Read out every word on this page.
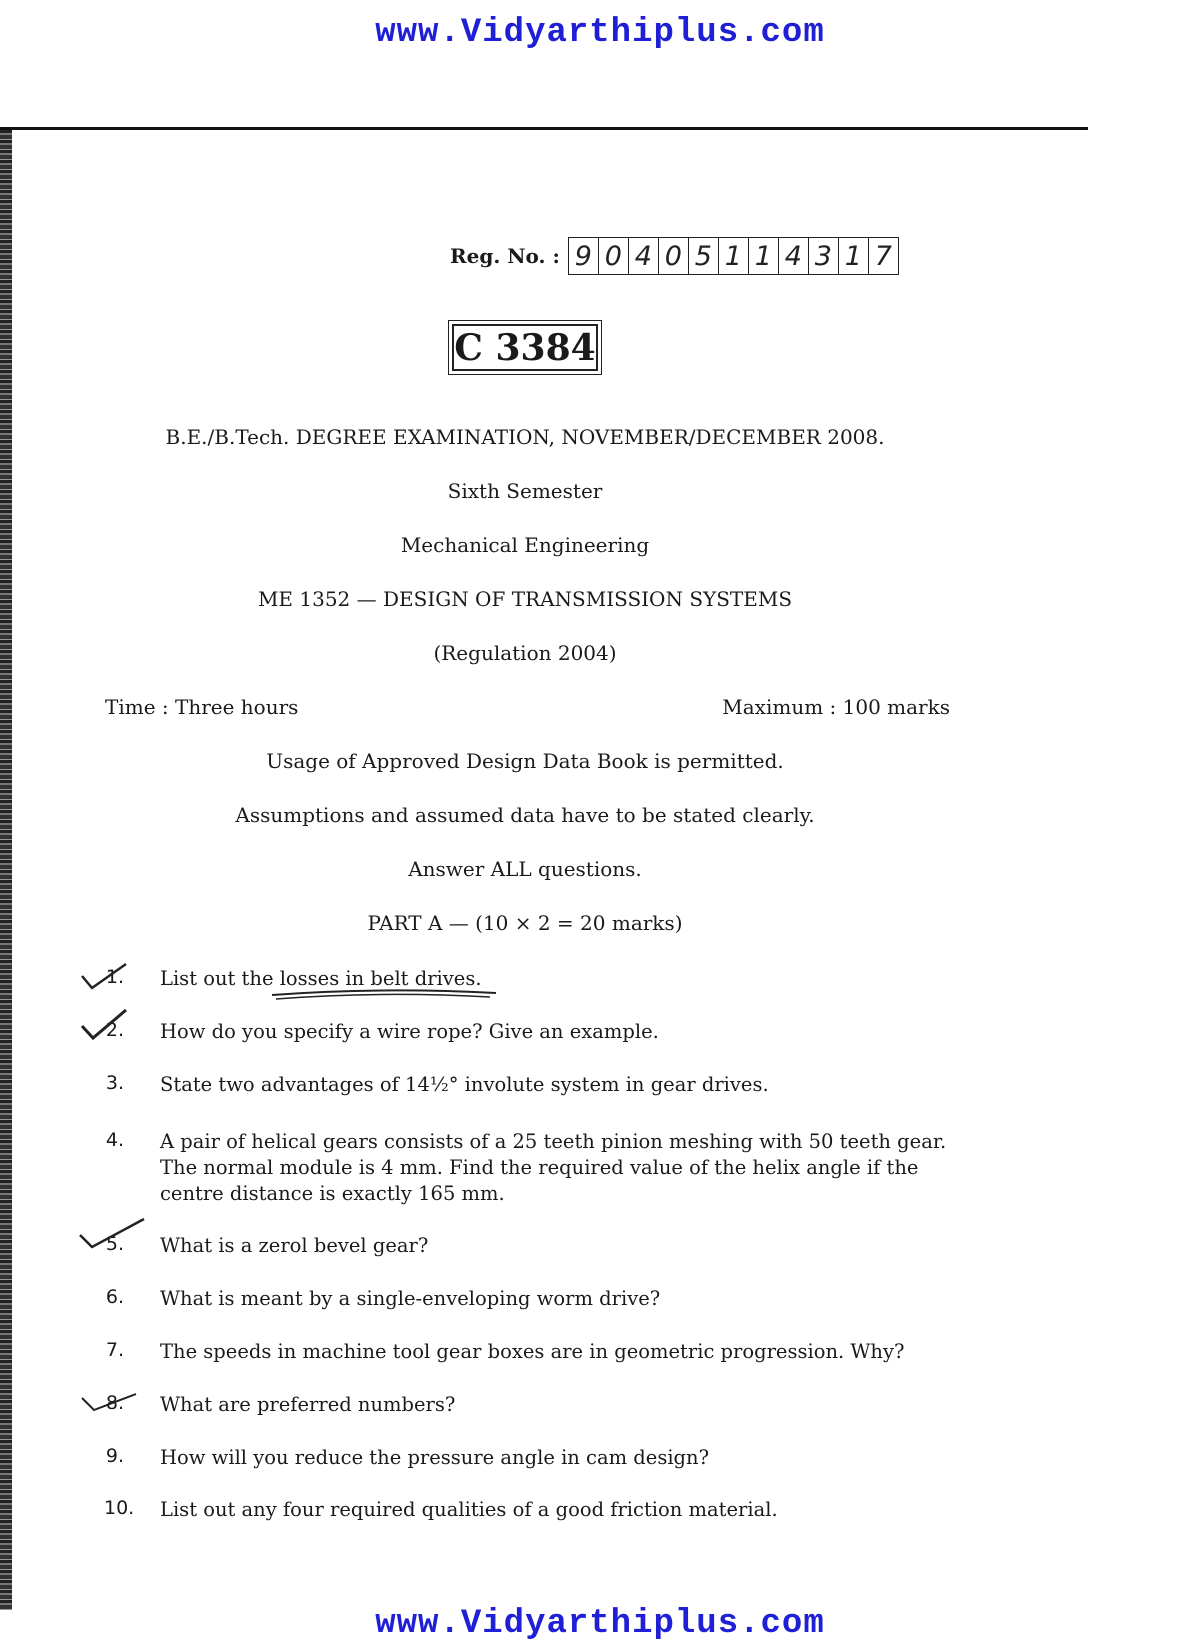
www.Vidyarthiplus.com
Reg. No. : 9 0 4 0 5 1 1 4 3 1 7
C 3384
B.E./B.Tech. DEGREE EXAMINATION, NOVEMBER/DECEMBER 2008.
Sixth Semester
Mechanical Engineering
ME 1352 — DESIGN OF TRANSMISSION SYSTEMS
(Regulation 2004)
Time : Three hours	Maximum : 100 marks
Usage of Approved Design Data Book is permitted.
Assumptions and assumed data have to be stated clearly.
Answer ALL questions.
PART A — (10 × 2 = 20 marks)
1. List out the losses in belt drives.
2. How do you specify a wire rope? Give an example.
3. State two advantages of 14½° involute system in gear drives.
4. A pair of helical gears consists of a 25 teeth pinion meshing with 50 teeth gear. The normal module is 4 mm. Find the required value of the helix angle if the centre distance is exactly 165 mm.
5. What is a zerol bevel gear?
6. What is meant by a single-enveloping worm drive?
7. The speeds in machine tool gear boxes are in geometric progression. Why?
8. What are preferred numbers?
9. How will you reduce the pressure angle in cam design?
10. List out any four required qualities of a good friction material.
www.Vidyarthiplus.com
